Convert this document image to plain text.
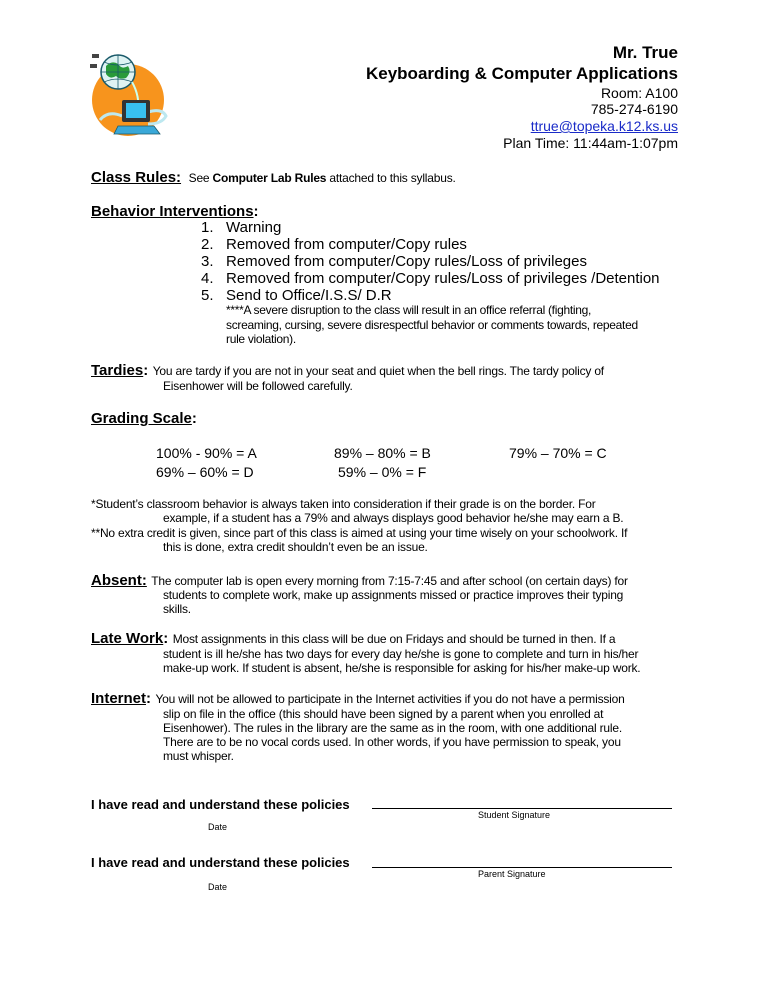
Mr. True
Keyboarding & Computer Applications
Room: A100
785-274-6190
ttrue@topeka.k12.ks.us
Plan Time: 11:44am-1:07pm
Class Rules: See Computer Lab Rules attached to this syllabus.
Behavior Interventions:
1. Warning
2. Removed from computer/Copy rules
3. Removed from computer/Copy rules/Loss of privileges
4. Removed from computer/Copy rules/Loss of privileges /Detention
5. Send to Office/I.S.S/ D.R
****A severe disruption to the class will result in an office referral (fighting,
screaming, cursing, severe disrespectful behavior or comments towards, repeated
rule violation).
Tardies: You are tardy if you are not in your seat and quiet when the bell rings. The tardy policy of
Eisenhower will be followed carefully.
Grading Scale:
100% - 90% = A	89% – 80% = B	79% – 70% = C
69% – 60% = D	59% – 0% = F
*Student’s classroom behavior is always taken into consideration if their grade is on the border. For
example, if a student has a 79% and always displays good behavior he/she may earn a B.
**No extra credit is given, since part of this class is aimed at using your time wisely on your schoolwork. If
this is done, extra credit shouldn’t even be an issue.
Absent: The computer lab is open every morning from 7:15-7:45 and after school (on certain days) for
students to complete work, make up assignments missed or practice improves their typing
skills.
Late Work: Most assignments in this class will be due on Fridays and should be turned in then. If a
student is ill he/she has two days for every day he/she is gone to complete and turn in his/her
make-up work. If student is absent, he/she is responsible for asking for his/her make-up work.
Internet: You will not be allowed to participate in the Internet activities if you do not have a permission
slip on file in the office (this should have been signed by a parent when you enrolled at
Eisenhower). The rules in the library are the same as in the room, with one additional rule.
There are to be no vocal cords used. In other words, if you have permission to speak, you
must whisper.
I have read and understand these policies
Student Signature
Date
I have read and understand these policies
Parent Signature
Date
